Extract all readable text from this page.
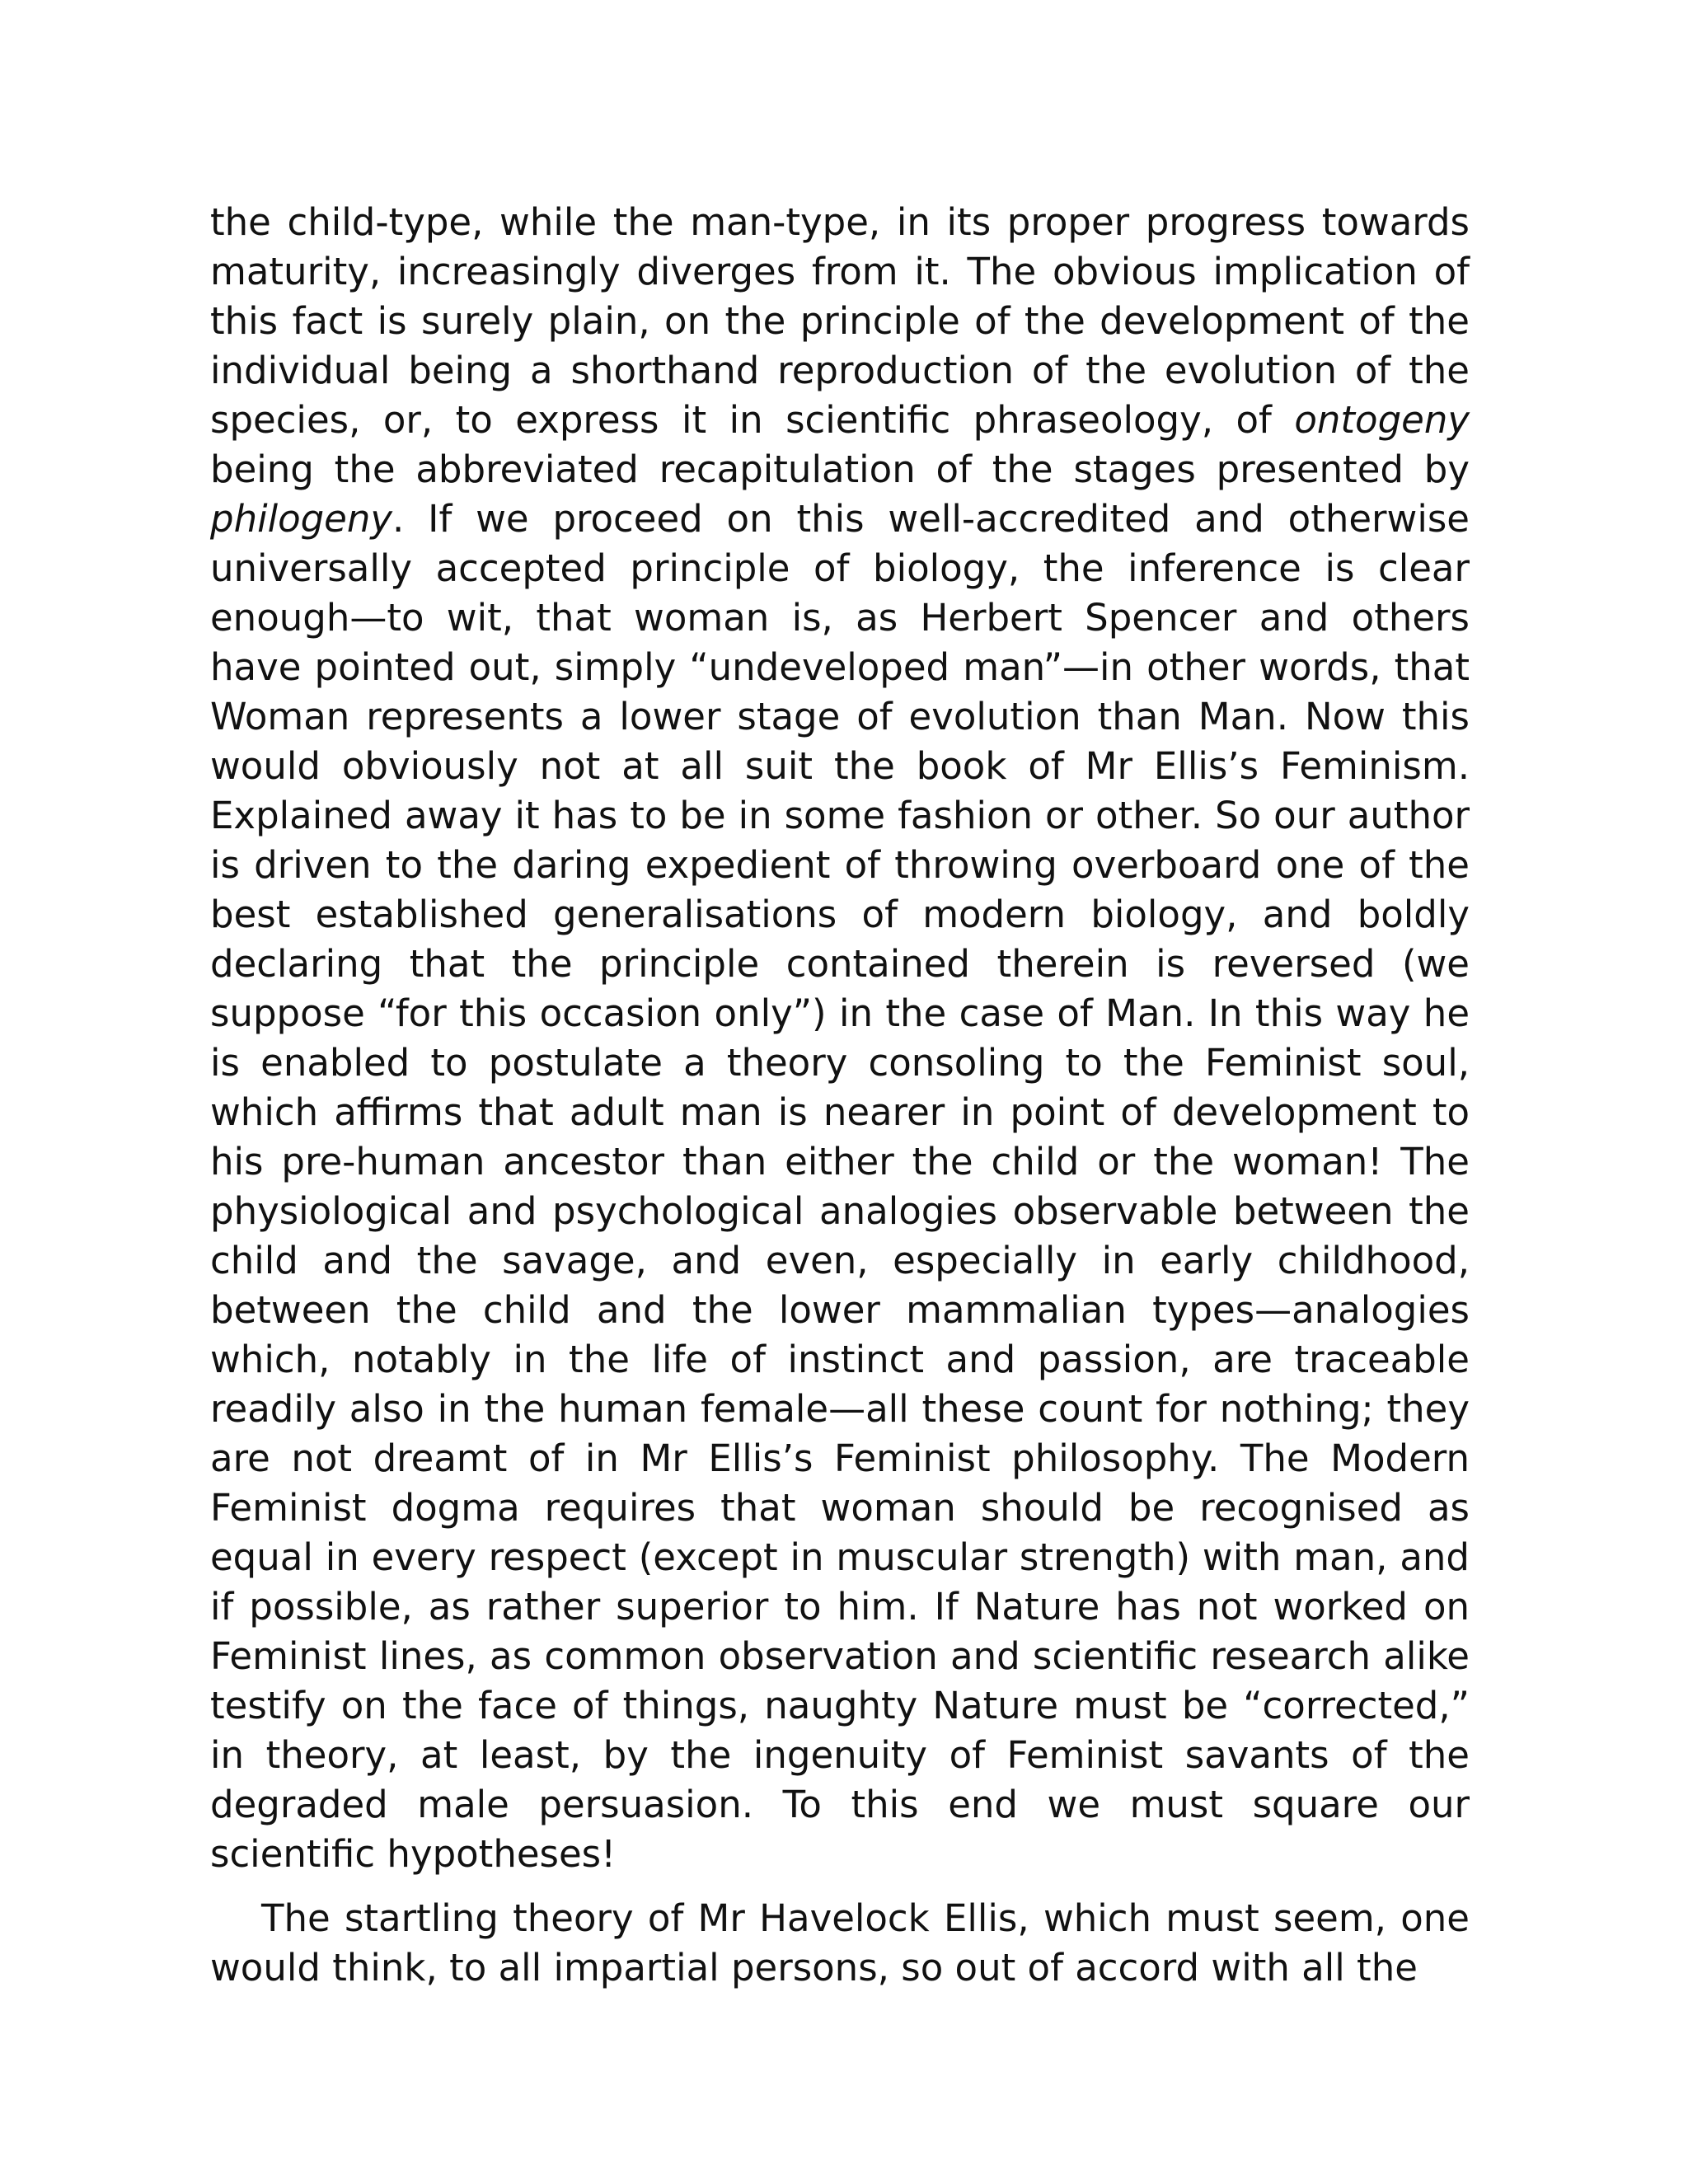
the child-type, while the man-type, in its proper progress towards maturity, increasingly diverges from it. The obvious implication of this fact is surely plain, on the principle of the development of the individual being a shorthand reproduction of the evolution of the species, or, to express it in scientific phraseology, of ontogeny being the abbreviated recapitulation of the stages presented by philogeny. If we proceed on this well-accredited and otherwise universally accepted principle of biology, the inference is clear enough—to wit, that woman is, as Herbert Spencer and others have pointed out, simply “undeveloped man”—in other words, that Woman represents a lower stage of evolution than Man. Now this would obviously not at all suit the book of Mr Ellis’s Feminism. Explained away it has to be in some fashion or other. So our author is driven to the daring expedient of throwing overboard one of the best established generalisations of modern biology, and boldly declaring that the principle contained therein is reversed (we suppose “for this occasion only”) in the case of Man. In this way he is enabled to postulate a theory consoling to the Feminist soul, which affirms that adult man is nearer in point of development to his pre-human ancestor than either the child or the woman! The physiological and psychological analogies observable between the child and the savage, and even, especially in early childhood, between the child and the lower mammalian types—analogies which, notably in the life of instinct and passion, are traceable readily also in the human female—all these count for nothing; they are not dreamt of in Mr Ellis’s Feminist philosophy. The Modern Feminist dogma requires that woman should be recognised as equal in every respect (except in muscular strength) with man, and if possible, as rather superior to him. If Nature has not worked on Feminist lines, as common observation and scientific research alike testify on the face of things, naughty Nature must be “corrected,” in theory, at least, by the ingenuity of Feminist savants of the degraded male persuasion. To this end we must square our scientific hypotheses!

The startling theory of Mr Havelock Ellis, which must seem, one would think, to all impartial persons, so out of accord with all the
